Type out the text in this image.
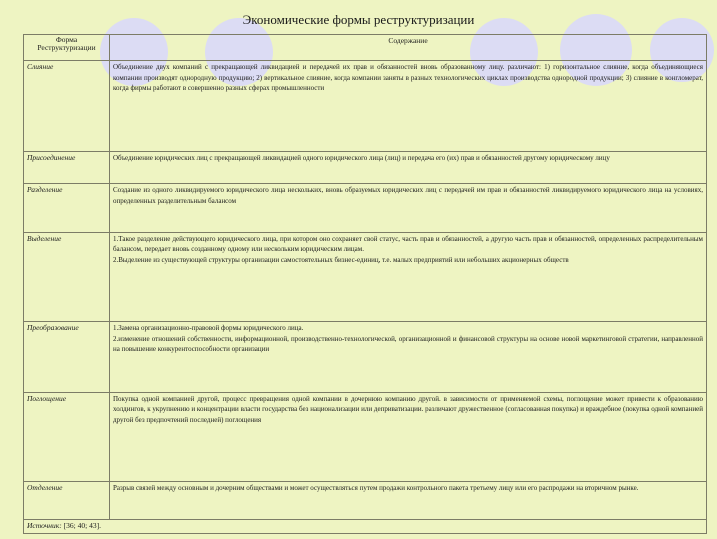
Экономические формы реструктуризации
Форма Реструктуризации	Содержание
Слияние	Объединение двух компаний с прекращающей ликвидацией и передачей их прав и обязанностей вновь образованному лицу. различают: 1) горизонтальное слияние, когда объединяющиеся компании производят однородную продукцию; 2) вертикальное слияние, когда компании заняты в разных технологических циклах производства однородной продукции; 3) слияние в конгломерат, когда фирмы работают в совершенно разных сферах промышленности
Присоединение	Объединение юридических лиц с прекращающей ликвидацией одного юридического лица (лиц) и передача его (их) прав и обязанностей другому юридическому лицу
Разделение	Создание из одного ликвидируемого юридического лица нескольких, вновь образуемых юридических лиц с передачей им прав и обязанностей ликвидируемого юридического лица на условиях, определенных разделительным балансом
Выделение	1.Такое разделение действующего юридического лица, при котором оно сохраняет свой статус, часть прав и обязанностей, а другую часть прав и обязанностей, определенных распределительным балансом, передает вновь созданному одному или нескольким юридическим лицам.
2.Выделение из существующей структуры организации самостоятельных бизнес-единиц, т.е. малых предприятий или небольших акционерных обществ
Преобразование	1.Замена организационно-правовой формы юридического лица.
2.изменение отношений собственности, информационной, производственно-технологической, организационной и финансовой структуры на основе новой маркетинговой стратегии, направленной на повышение конкурентоспособности организации
Поглощение	Покупка одной компанией другой, процесс превращения одной компании в дочернюю компанию другой. в зависимости от применяемой схемы, поглощение может привести к образованию холдингов, к укрупнению и концентрации власти государства без национализации или деприватизации. различают дружественное (согласованная покупка) и враждебное (покупка одной компанией другой без предпочтений последней) поглощения
Отделение	Разрыв связей между основным и дочерним обществами и может осуществляться путем продажи контрольного пакета третьему лицу или его распродажи на вторичном рынке.
Источник: [36; 40; 43].	
